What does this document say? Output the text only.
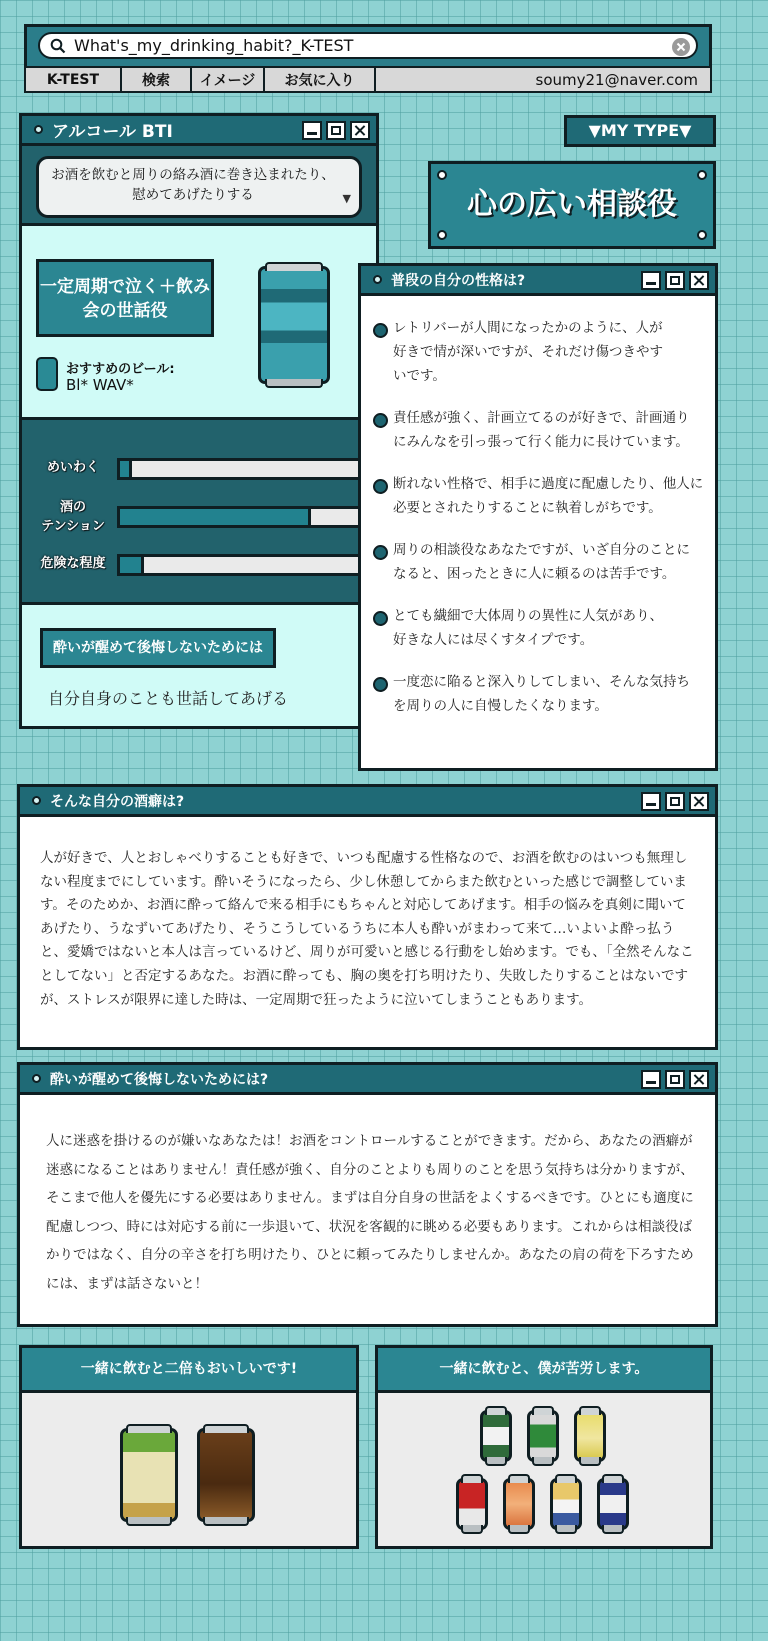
What's_my_drinking_habit?_K-TEST
K-TEST	検索	イメージ	お気に入り	soumy21@naver.com
アルコール BTI
お酒を飲むと周りの絡み酒に巻き込まれたり、慰めてあげたりする	▼
一定周期で泣く＋飲み会の世話役
おすすめのビール:
Bl* WAV*
めいわく
酒の
テンション
危険な程度
酔いが醒めて後悔しないためには
自分自身のことも世話してあげる
▼MY TYPE▼
心の広い相談役
普段の自分の性格は?
レトリバーが人間になったかのように、人が好きで情が深いですが、それだけ傷つきやすいです。
責任感が強く、計画立てるのが好きで、計画通りにみんなを引っ張って行く能力に長けています。
断れない性格で、相手に過度に配慮したり、他人に必要とされたりすることに執着しがちです。
周りの相談役なあなたですが、いざ自分のことになると、困ったときに人に頼るのは苦手です。
とても繊細で大体周りの異性に人気があり、好きな人には尽くすタイプです。
一度恋に陥ると深入りしてしまい、そんな気持ちを周りの人に自慢したくなります。
そんな自分の酒癖は?
人が好きで、人とおしゃべりすることも好きで、いつも配慮する性格なので、お酒を飲むのはいつも無理しない程度までにしています。酔いそうになったら、少し休憩してからまた飲むといった感じで調整しています。そのためか、お酒に酔って絡んで来る相手にもちゃんと対応してあげます。相手の悩みを真剣に聞いてあげたり、うなずいてあげたり、そうこうしているうちに本人も酔いがまわって来て…いよいよ酔っ払うと、愛嬌ではないと本人は言っているけど、周りが可愛いと感じる行動をし始めます。でも、「全然そんなことしてない」と否定するあなた。お酒に酔っても、胸の奥を打ち明けたり、失敗したりすることはないですが、ストレスが限界に達した時は、一定周期で狂ったように泣いてしまうこともあります。
酔いが醒めて後悔しないためには?
人に迷惑を掛けるのが嫌いなあなたは！お酒をコントロールすることができます。だから、あなたの酒癖が迷惑になることはありません！責任感が強く、自分のことよりも周りのことを思う気持ちは分かりますが、そこまで他人を優先にする必要はありません。まずは自分自身の世話をよくするべきです。ひとにも適度に配慮しつつ、時には対応する前に一歩退いて、状況を客観的に眺める必要もあります。これからは相談役ばかりではなく、自分の辛さを打ち明けたり、ひとに頼ってみたりしませんか。あなたの肩の荷を下ろすためには、まずは話さないと！
一緒に飲むと二倍もおいしいです!	一緒に飲むと、僕が苦労します。
